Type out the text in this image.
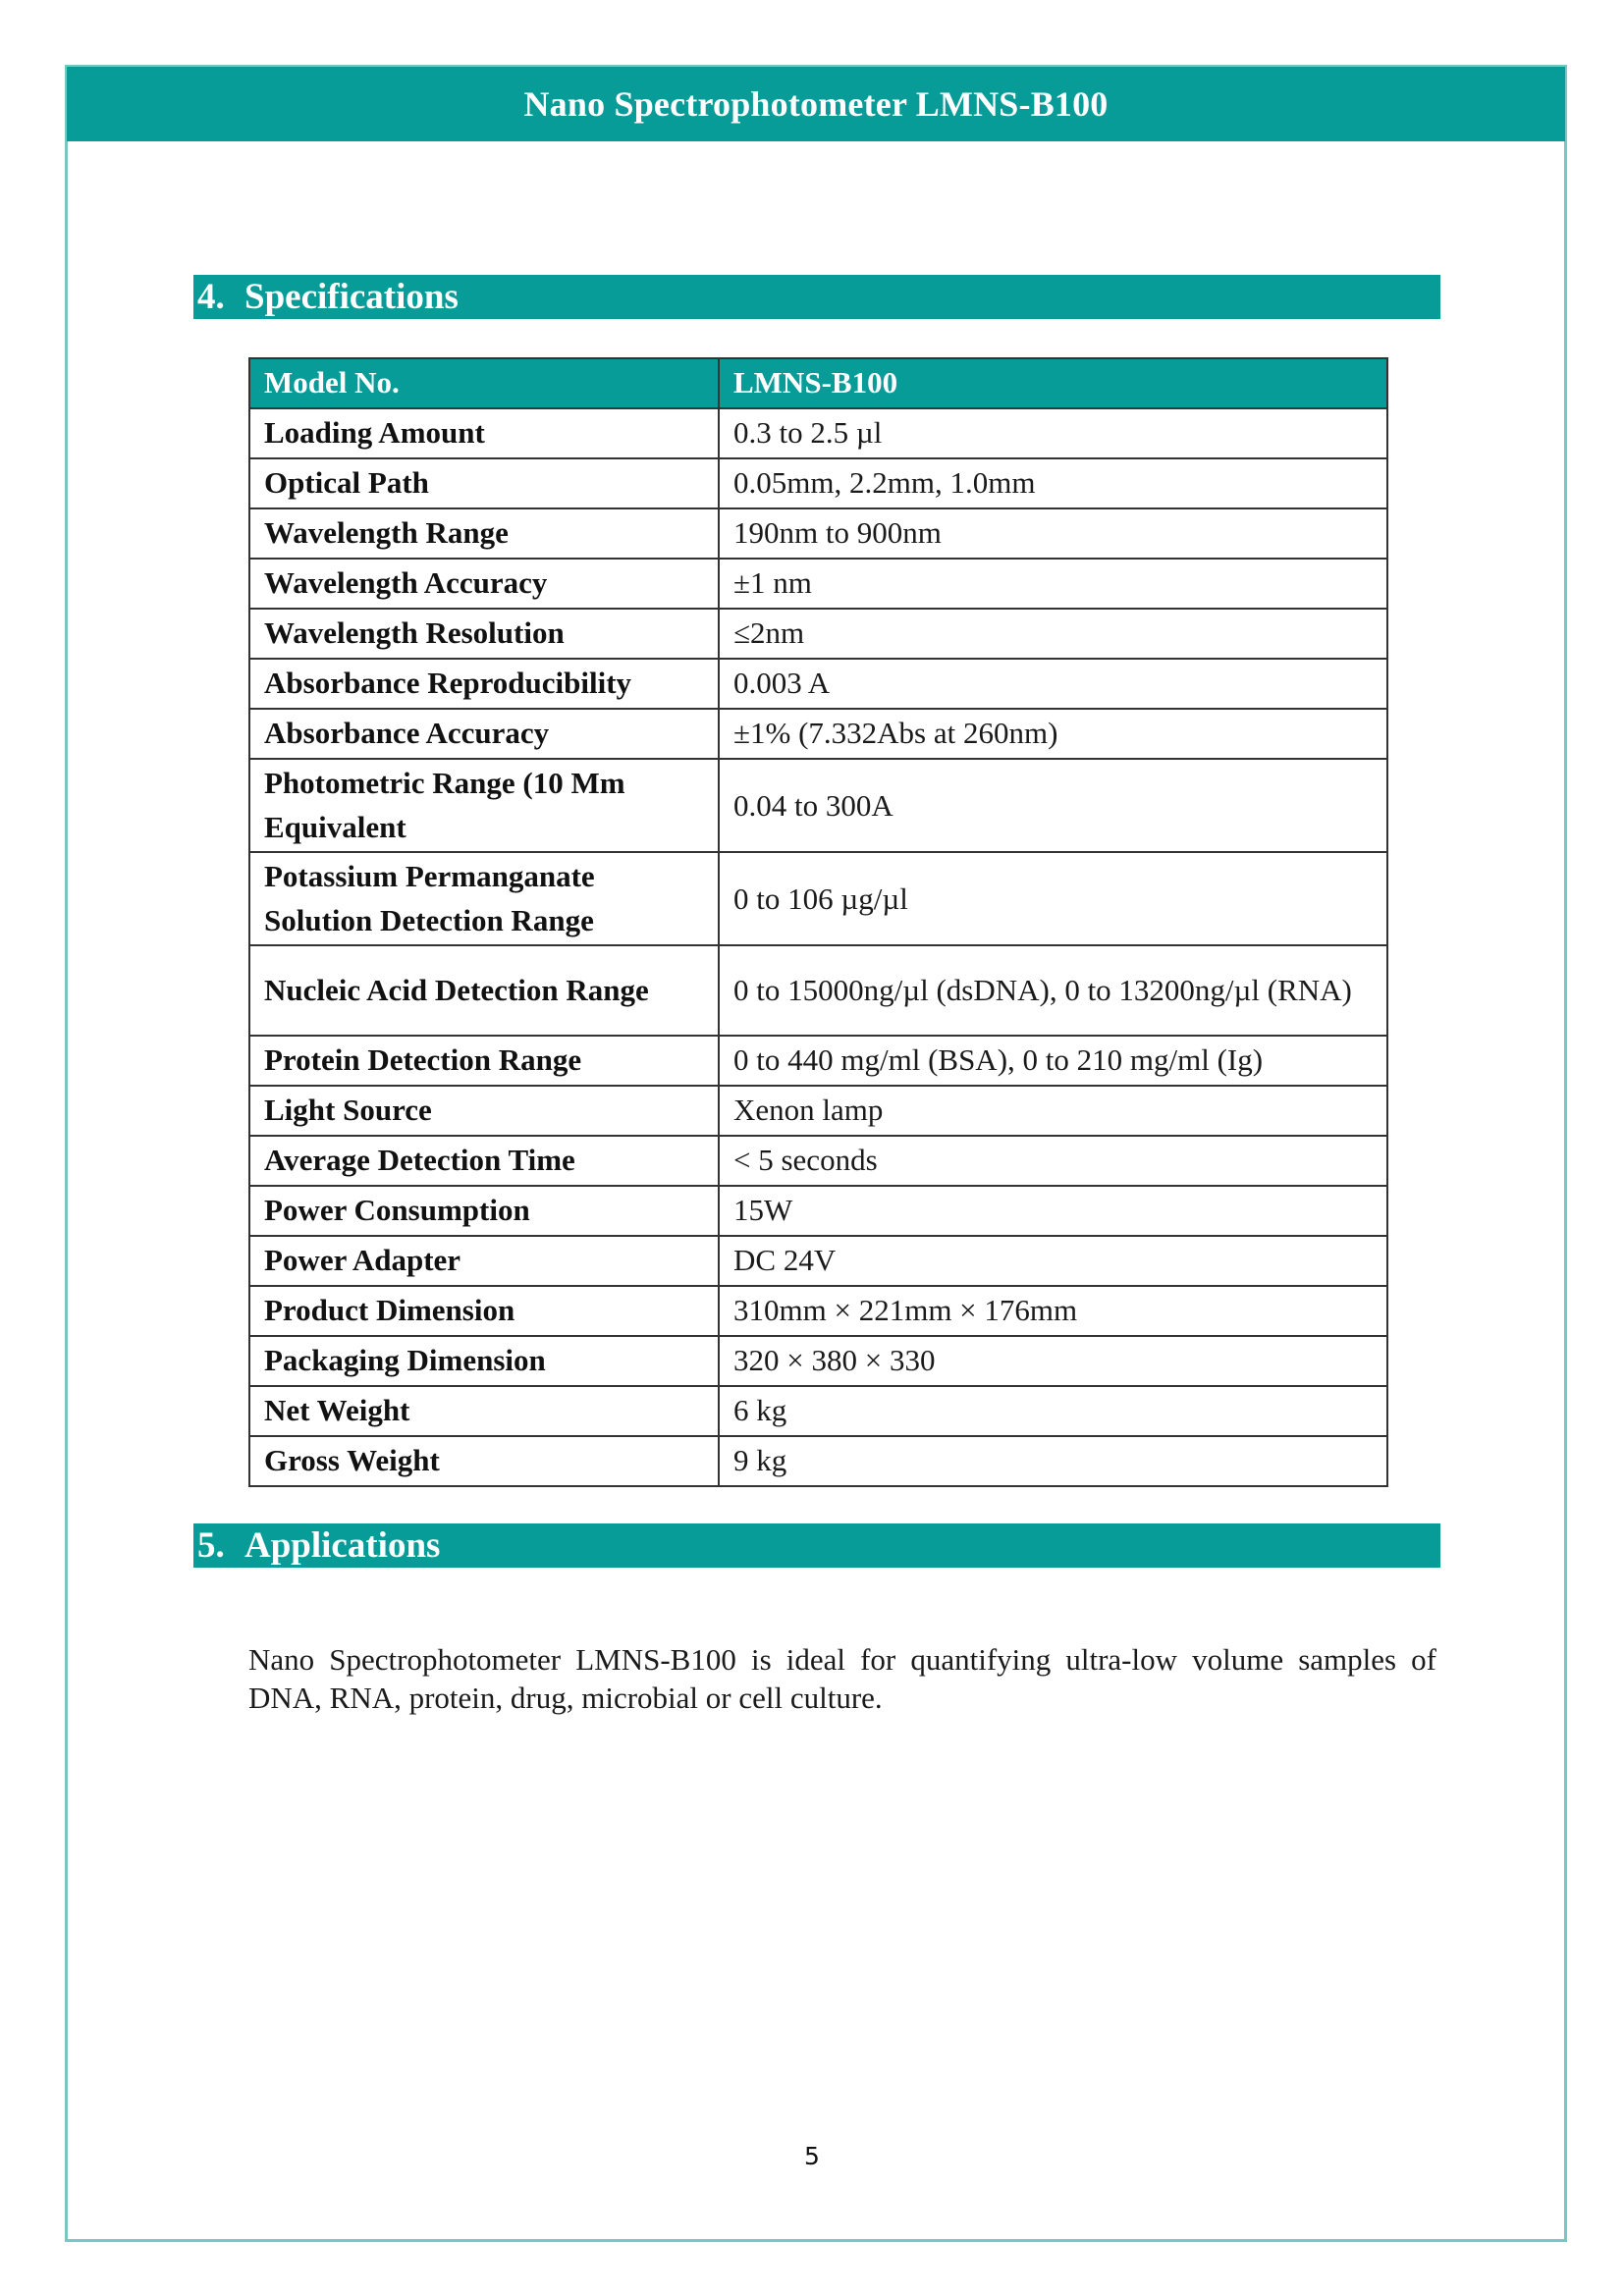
Nano Spectrophotometer LMNS-B100
4. Specifications
Model No.	LMNS-B100
Loading Amount	0.3 to 2.5 µl
Optical Path	0.05mm, 2.2mm, 1.0mm
Wavelength Range	190nm to 900nm
Wavelength Accuracy	±1 nm
Wavelength Resolution	≤2nm
Absorbance Reproducibility	0.003 A
Absorbance Accuracy	±1% (7.332Abs at 260nm)
Photometric Range (10 Mm Equivalent	0.04 to 300A
Potassium Permanganate Solution Detection Range	0 to 106 µg/µl
Nucleic Acid Detection Range	0 to 15000ng/µl (dsDNA), 0 to 13200ng/µl (RNA)
Protein Detection Range	0 to 440 mg/ml (BSA), 0 to 210 mg/ml (Ig)
Light Source	Xenon lamp
Average Detection Time	< 5 seconds
Power Consumption	15W
Power Adapter	DC 24V
Product Dimension	310mm × 221mm × 176mm
Packaging Dimension	320 × 380 × 330
Net Weight	6 kg
Gross Weight	9 kg
5. Applications

Nano Spectrophotometer LMNS-B100 is ideal for quantifying ultra-low volume samples of DNA, RNA, protein, drug, microbial or cell culture.

5
